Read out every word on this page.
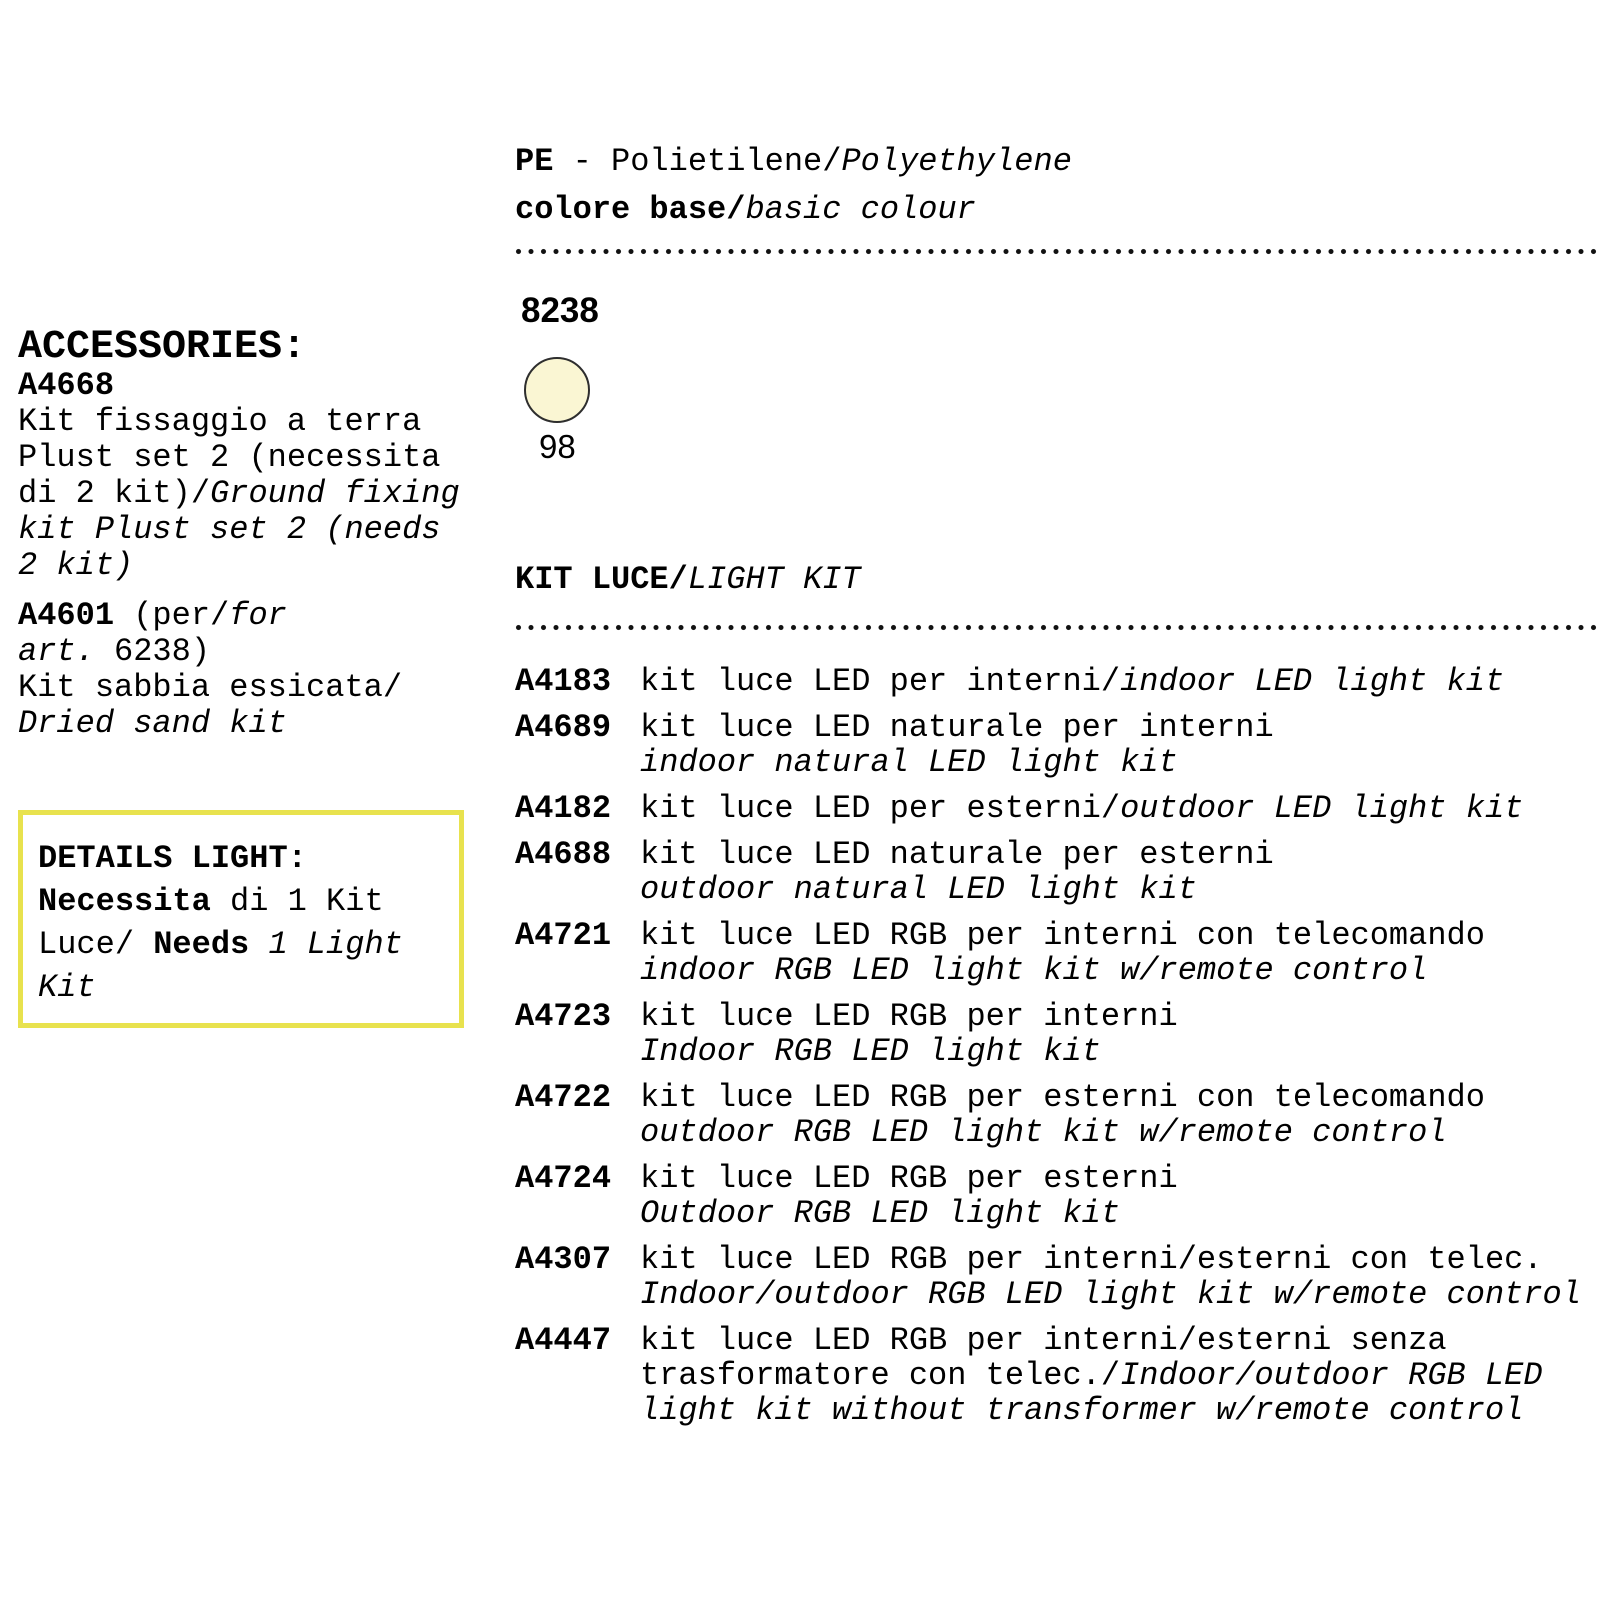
ACCESSORIES:
A4668
Kit fissaggio a terra
Plust set 2 (necessita
di 2 kit)/Ground fixing
kit Plust set 2 (needs
2 kit)
A4601 (per/for
art. 6238)
Kit sabbia essicata/
Dried sand kit
DETAILS LIGHT:
Necessita di 1 Kit
Luce/ Needs 1 Light
Kit
PE - Polietilene/Polyethylene
colore base/basic colour
8238
98
KIT LUCE/LIGHT KIT
A4183 kit luce LED per interni/indoor LED light kit
A4689 kit luce LED naturale per interni
indoor natural LED light kit
A4182 kit luce LED per esterni/outdoor LED light kit
A4688 kit luce LED naturale per esterni
outdoor natural LED light kit
A4721 kit luce LED RGB per interni con telecomando
indoor RGB LED light kit w/remote control
A4723 kit luce LED RGB per interni
Indoor RGB LED light kit
A4722 kit luce LED RGB per esterni con telecomando
outdoor RGB LED light kit w/remote control
A4724 kit luce LED RGB per esterni
Outdoor RGB LED light kit
A4307 kit luce LED RGB per interni/esterni con telec.
Indoor/outdoor RGB LED light kit w/remote control
A4447 kit luce LED RGB per interni/esterni senza
trasformatore con telec./Indoor/outdoor RGB LED
light kit without transformer w/remote control
